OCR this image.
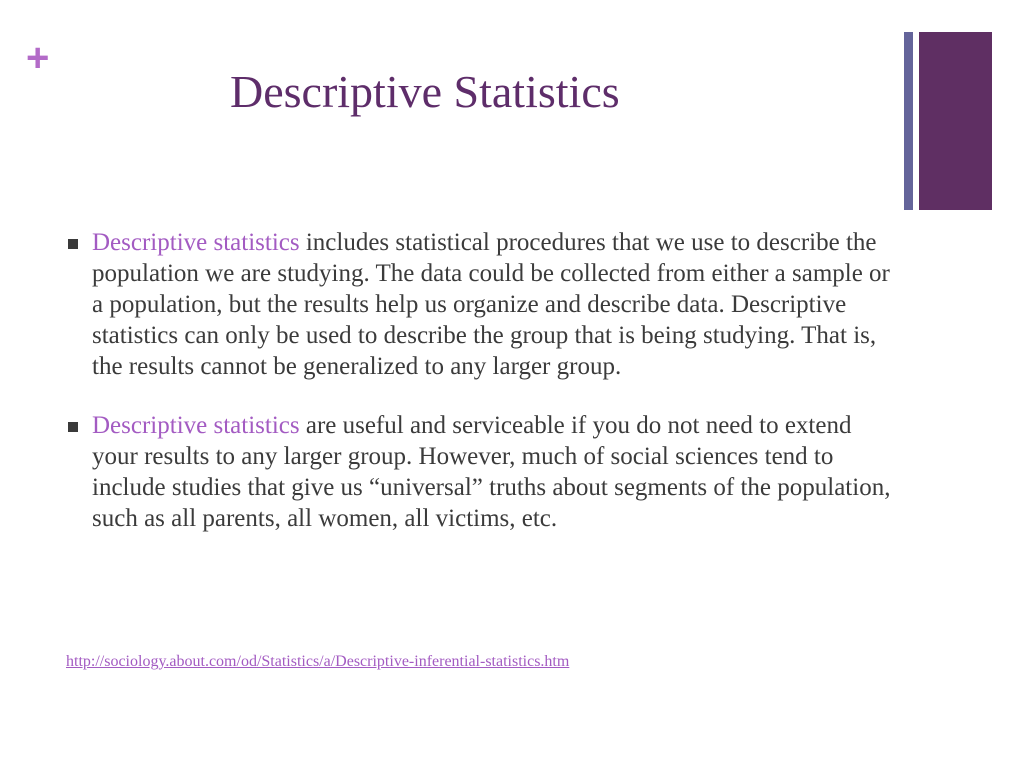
+
Descriptive Statistics
Descriptive statistics includes statistical procedures that we use to describe the population we are studying. The data could be collected from either a sample or a population, but the results help us organize and describe data. Descriptive statistics can only be used to describe the group that is being studying. That is, the results cannot be generalized to any larger group.
Descriptive statistics are useful and serviceable if you do not need to extend your results to any larger group. However, much of social sciences tend to include studies that give us “universal” truths about segments of the population, such as all parents, all women, all victims, etc.
http://sociology.about.com/od/Statistics/a/Descriptive-inferential-statistics.htm
